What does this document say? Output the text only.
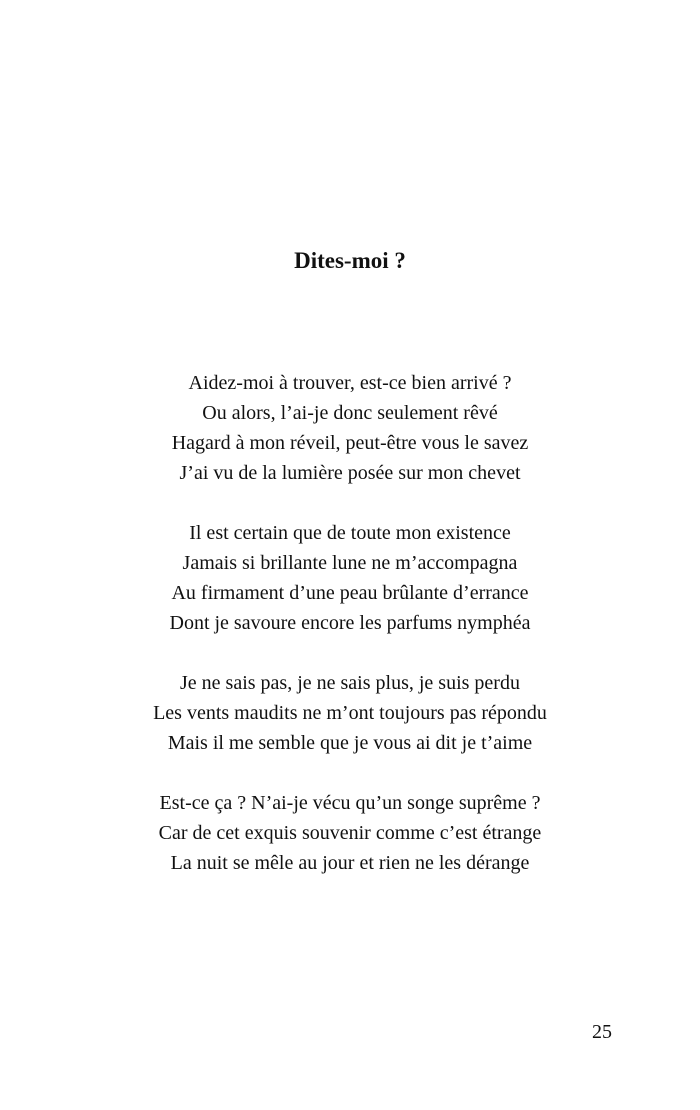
Dites-moi ?
Aidez-moi à trouver, est-ce bien arrivé ?
Ou alors, l’ai-je donc seulement rêvé
Hagard à mon réveil, peut-être vous le savez
J’ai vu de la lumière posée sur mon chevet
Il est certain que de toute mon existence
Jamais si brillante lune ne m’accompagna
Au firmament d’une peau brûlante d’errance
Dont je savoure encore les parfums nymphéa
Je ne sais pas, je ne sais plus, je suis perdu
Les vents maudits ne m’ont toujours pas répondu
Mais il me semble que je vous ai dit je t’aime
Est-ce ça ? N’ai-je vécu qu’un songe suprême ?
Car de cet exquis souvenir comme c’est étrange
La nuit se mêle au jour et rien ne les dérange
25
